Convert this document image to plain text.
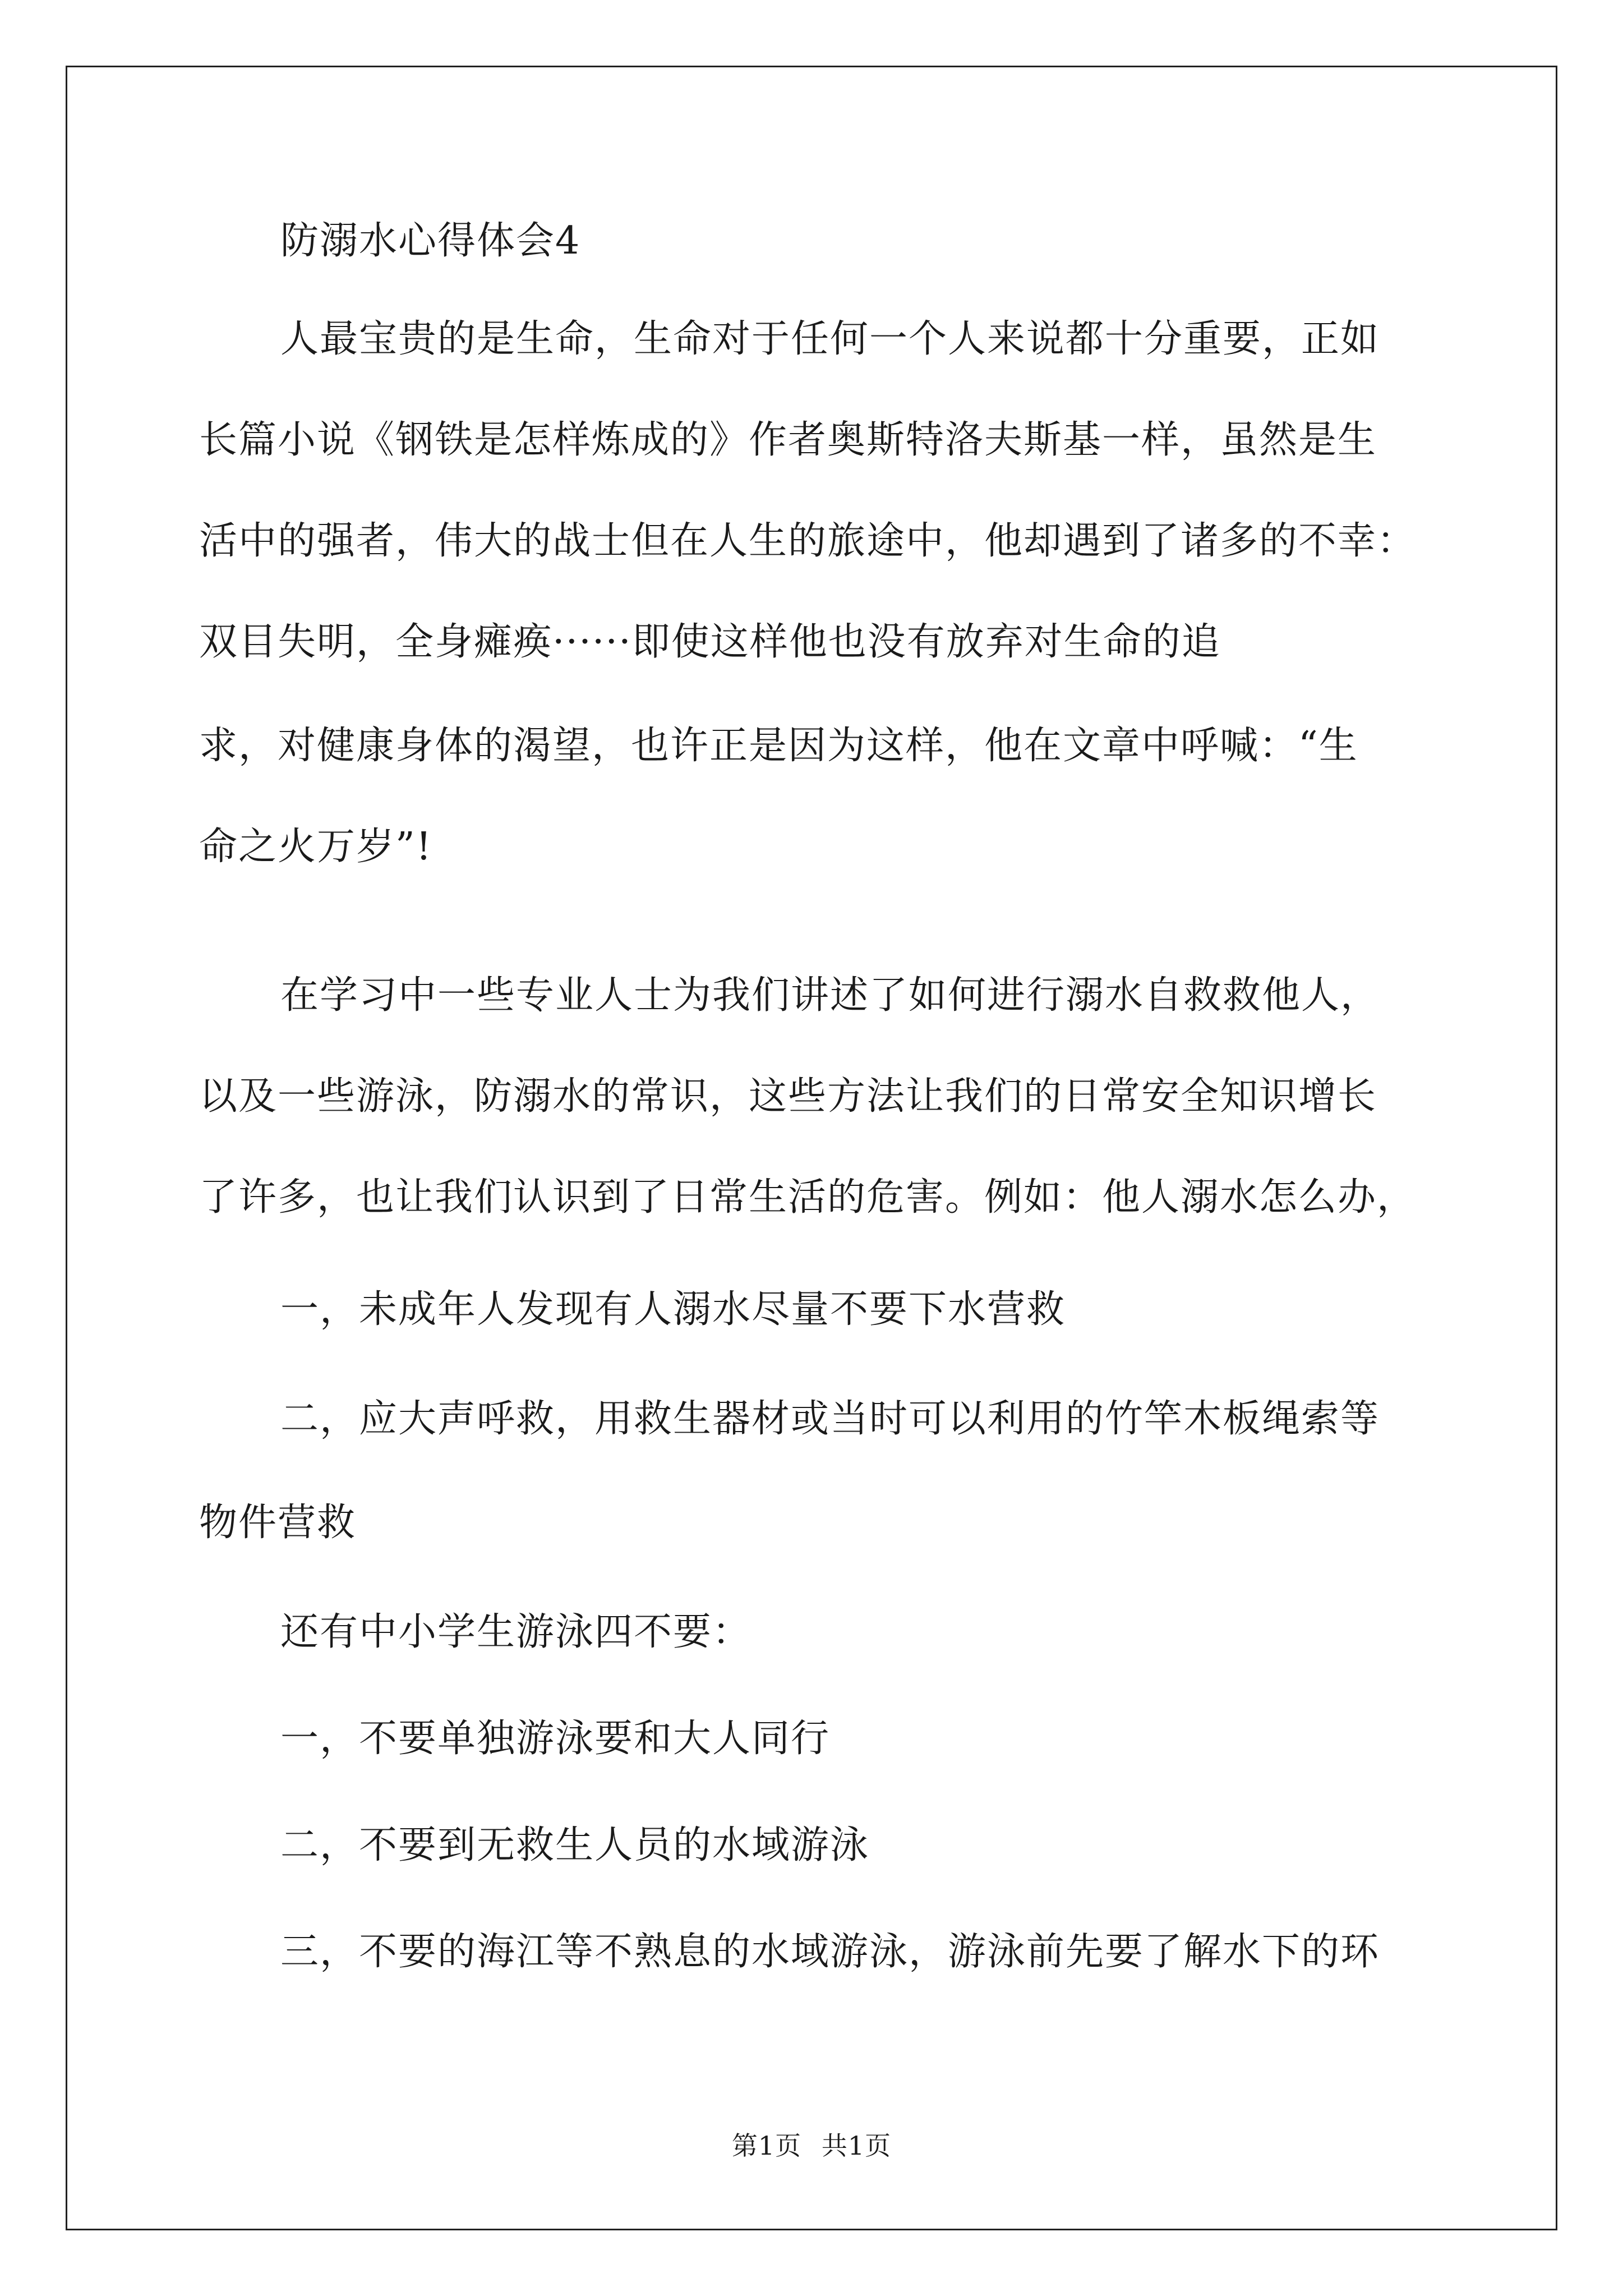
防溺水心得体会4

人最宝贵的是生命，生命对于任何一个人来说都十分重要，正如

长篇小说《钢铁是怎样炼成的》作者奥斯特洛夫斯基一样，虽然是生

活中的强者，伟大的战士但在人生的旅途中，他却遇到了诸多的不幸：

双目失明，全身瘫痪······即使这样他也没有放弃对生命的追

求，对健康身体的渴望，也许正是因为这样，他在文章中呼喊：“生

命之火万岁”!

在学习中一些专业人士为我们讲述了如何进行溺水自救救他人，

以及一些游泳，防溺水的常识，这些方法让我们的日常安全知识增长

了许多，也让我们认识到了日常生活的危害。例如：他人溺水怎么办，

一，未成年人发现有人溺水尽量不要下水营救

二，应大声呼救，用救生器材或当时可以利用的竹竿木板绳索等

物件营救

还有中小学生游泳四不要：

一，不要单独游泳要和大人同行

二，不要到无救生人员的水域游泳

三，不要的海江等不熟息的水域游泳，游泳前先要了解水下的环

第1页 共1页
